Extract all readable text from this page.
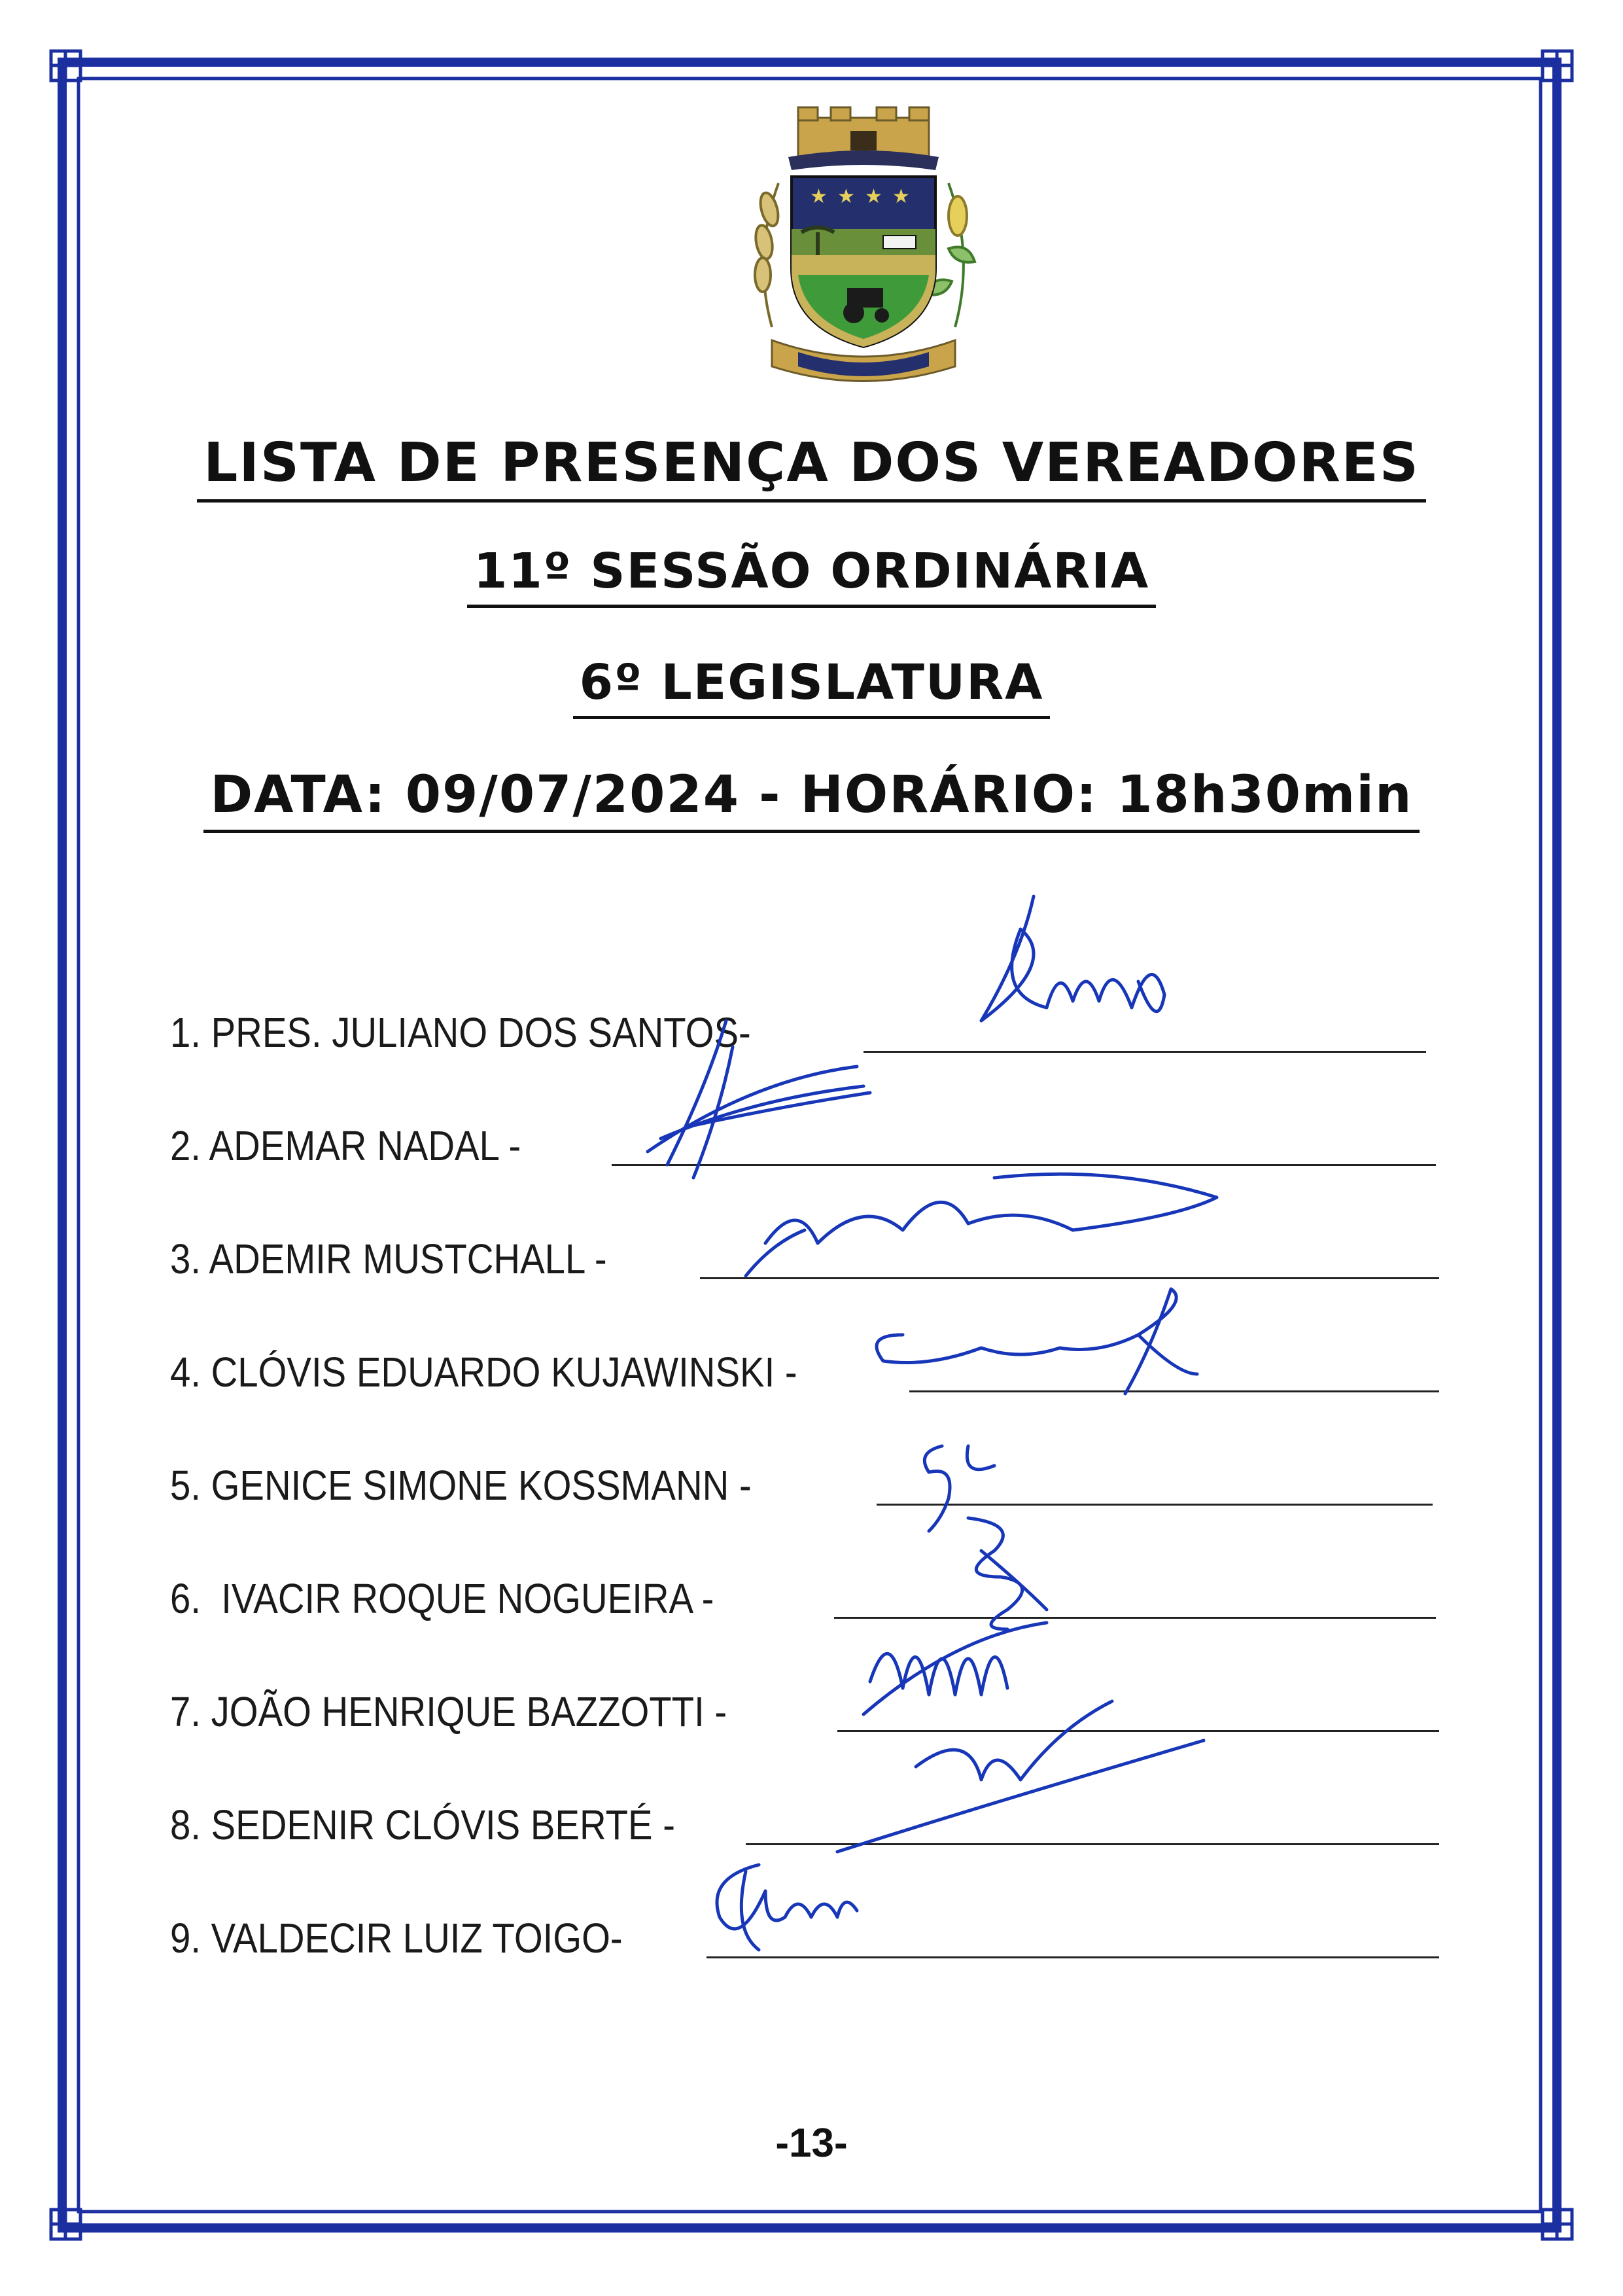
★ ★ ★ ★
LISTA DE PRESENÇA DOS VEREADORES
11º SESSÃO ORDINÁRIA
6º LEGISLATURA
DATA: 09/07/2024 - HORÁRIO: 18h30min
1. PRES. JULIANO DOS SANTOS-
2. ADEMAR NADAL -
3. ADEMIR MUSTCHALL -
4. CLÓVIS EDUARDO KUJAWINSKI -
5. GENICE SIMONE KOSSMANN -
6.  IVACIR ROQUE NOGUEIRA -
7. JOÃO HENRIQUE BAZZOTTI -
8. SEDENIR CLÓVIS BERTÉ -
9. VALDECIR LUIZ TOIGO-
-13-
